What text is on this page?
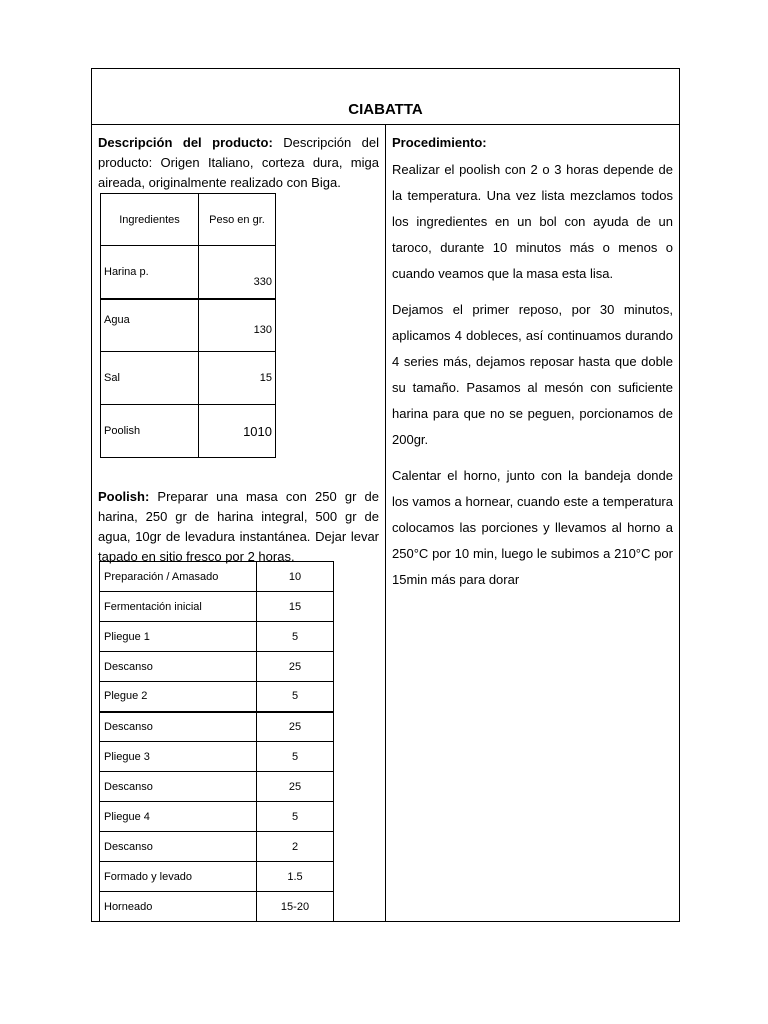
CIABATTA

Descripción del producto: Descripción del producto: Origen Italiano, corteza dura, miga aireada, originalmente realizado con Biga.

Ingredientes	Peso en gr.
Harina p.	330
Agua	130
Sal	15
Poolish	1010

Poolish: Preparar una masa con 250 gr de harina, 250 gr de harina integral, 500 gr de agua, 10gr de levadura instantánea. Dejar levar tapado en sitio fresco por 2 horas.

Preparación / Amasado	10
Fermentación inicial	15
Pliegue 1	5
Descanso	25
Plegue 2	5
Descanso	25
Pliegue 3	5
Descanso	25
Pliegue 4	5
Descanso	2
Formado y levado	1.5
Horneado	15-20

Procedimiento:

Realizar el poolish con 2 o 3 horas depende de la temperatura. Una vez lista mezclamos todos los ingredientes en un bol con ayuda de un taroco, durante 10 minutos más o menos o cuando veamos que la masa esta lisa.

Dejamos el primer reposo, por 30 minutos, aplicamos 4 dobleces, así continuamos durando 4 series más, dejamos reposar hasta que doble su tamaño. Pasamos al mesón con suficiente harina para que no se peguen, porcionamos de 200gr.

Calentar el horno, junto con la bandeja donde los vamos a hornear, cuando este a temperatura colocamos las porciones y llevamos al horno a 250°C por 10 min, luego le subimos a 210°C por 15min más para dorar
